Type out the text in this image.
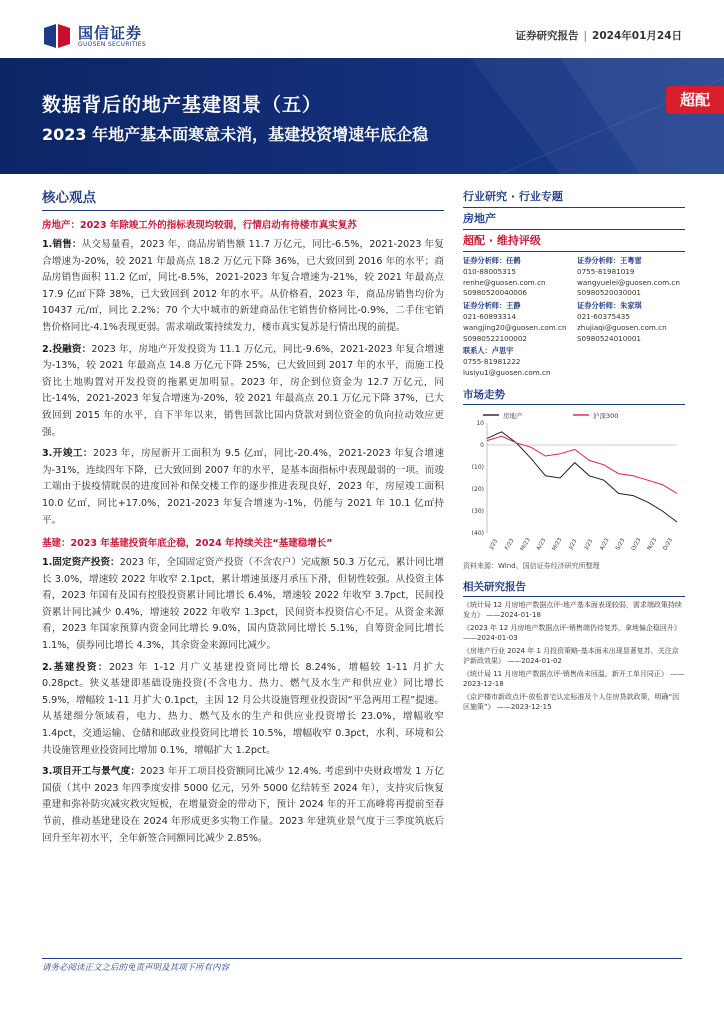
国信证券
GUOSEN SECURITIES
证券研究报告 | 2024年01月24日
数据背后的地产基建图景（五）
2023 年地产基本面寒意未消，基建投资增速年底企稳
超配
核心观点
房地产：2023 年除竣工外的指标表现均较弱，行情启动有待楼市真实复苏

1.销售：从交易量看，2023 年，商品房销售额 11.7 万亿元，同比-6.5%，2021-2023 年复合增速为-20%，较 2021 年最高点 18.2 万亿元下降 36%，已大致回到 2016 年的水平；商品房销售面积 11.2 亿㎡，同比-8.5%，2021-2023 年复合增速为-21%，较 2021 年最高点 17.9 亿㎡下降 38%，已大致回到 2012 年的水平。从价格看，2023 年，商品房销售均价为 10437 元/㎡，同比 2.2%；70 个大中城市的新建商品住宅销售价格同比-0.9%，二手住宅销售价格同比-4.1%表现更弱。需求端政策持续发力，楼市真实复苏是行情出现的前提。

2.投融资：2023 年，房地产开发投资为 11.1 万亿元，同比-9.6%，2021-2023 年复合增速为-13%，较 2021 年最高点 14.8 万亿元下降 25%，已大致回到 2017 年的水平，而施工投资比土地购置对开发投资的拖累更加明显。2023 年，房企到位资金为 12.7 万亿元，同比-14%，2021-2023 年复合增速为-20%，较 2021 年最高点 20.1 万亿元下降 37%，已大致回到 2015 年的水平，自下半年以来，销售回款比国内贷款对到位资金的负向拉动效应更强。

3.开竣工：2023 年，房屋新开工面积为 9.5 亿㎡，同比-20.4%，2021-2023 年复合增速为-31%，连续四年下降，已大致回到 2007 年的水平，是基本面指标中表现最弱的一项。而竣工端由于拔疫情眈误的进度回补和保交楼工作的逐步推进表现良好，2023 年，房屋竣工面积 10.0 亿㎡，同比+17.0%，2021-2023 年复合增速为-1%，仍能与 2021 年 10.1 亿㎡持平。

基建：2023 年基建投资年底企稳，2024 年持续关注“基建稳增长”

1.固定资产投资：2023 年，全国固定资产投资（不含农户）完成额 50.3 万亿元，累计同比增长 3.0%，增速较 2022 年收窄 2.1pct，累计增速虽逐月承压下滑，但韧性较强。从投资主体看，2023 年国有及国有控股投资累计同比增长 6.4%，增速较 2022 年收窄 3.7pct，民间投资累计同比减少 0.4%，增速较 2022 年收窄 1.3pct，民间资本投资信心不足。从资金来源看，2023 年国家预算内资金同比增长 9.0%，国内贷款同比增长 5.1%，自筹资金同比增长 1.1%，债券同比增长 4.3%，其余资金来源同比减少。

2.基建投资：2023 年 1-12 月广义基建投资同比增长 8.24%，增幅较 1-11 月扩大 0.28pct。狭义基建即基础设施投资(不含电力、热力、燃气及水生产和供应业）同比增长 5.9%，增幅较 1-11 月扩大 0.1pct，主因 12 月公共设施管理业投资因“平急两用工程”提速。从基建细分领域看，电力、热力、燃气及水的生产和供应业投资增长 23.0%，增幅收窄 1.4pct，交通运输、仓储和邮政业投资同比增长 10.5%，增幅收窄 0.3pct，水利、环境和公共设施管理业投资同比增加 0.1%，增幅扩大 1.2pct。

3.项目开工与景气度：2023 年开工项目投资额同比减少 12.4%. 考虑到中央财政增发 1 万亿国债（其中 2023 年四季度安排 5000 亿元，另外 5000 亿结转至 2024 年），支持灾后恢复重建和弥补防灾减灾救灾短板，在增量资金的带动下，预计 2024 年的开工高峰将再提前至春节前，推动基建建设在 2024 年形成更多实物工作量。2023 年建筑业景气度于三季度筑底后回升至年初水平，全年新签合同额同比减少 2.85%。

行业研究 · 行业专题
房地产
超配 · 维持评级
证券分析师：任鹤
010-88005315
renhe@guosen.com.cn
S0980520040006
证券分析师：王粤雷
0755-81981019
wangyuelei@guosen.com.cn
S0980520030001
证券分析师：王静
021-60893314
wangjing20@guosen.com.cn
S0980522100002
证券分析师：朱家琪
021-60375435
zhujiaqi@guosen.com.cn
S0980524010001
联系人：卢思宇
0755-81981222
lusiyu1@guosen.com.cn
市场走势
房地产	沪深300
10
0
(10)
(20)
(30)
(40)
J/23 F/23 M/23 A/23 M/23 J/23 J/23 A/23 S/23 O/23 N/23 D/23
资料来源：Wind、国信证券经济研究所整理
相关研究报告
《统计局 12 月房地产数据点评-地产基本面表现较弱，需求端政策持续发力》 ——2024-01-18
《2023 年 12 月房地产数据点评-销售端仍待复苏，拿地偏企稳回升》 ——2024-01-03
《房地产行业 2024 年 1 月投资策略-基本面未出现显著复苏，关注京沪新政效果》 ——2024-01-02
《统计局 11 月房地产数据点评-销售尚未回温，新开工单月同正》 ——2023-12-18
《京沪楼市新政点评-放松普宅认定标准及个人住房贷款政策，明确“因区施策”》 ——2023-12-15
请务必阅读正文之后的免责声明及其项下所有内容
